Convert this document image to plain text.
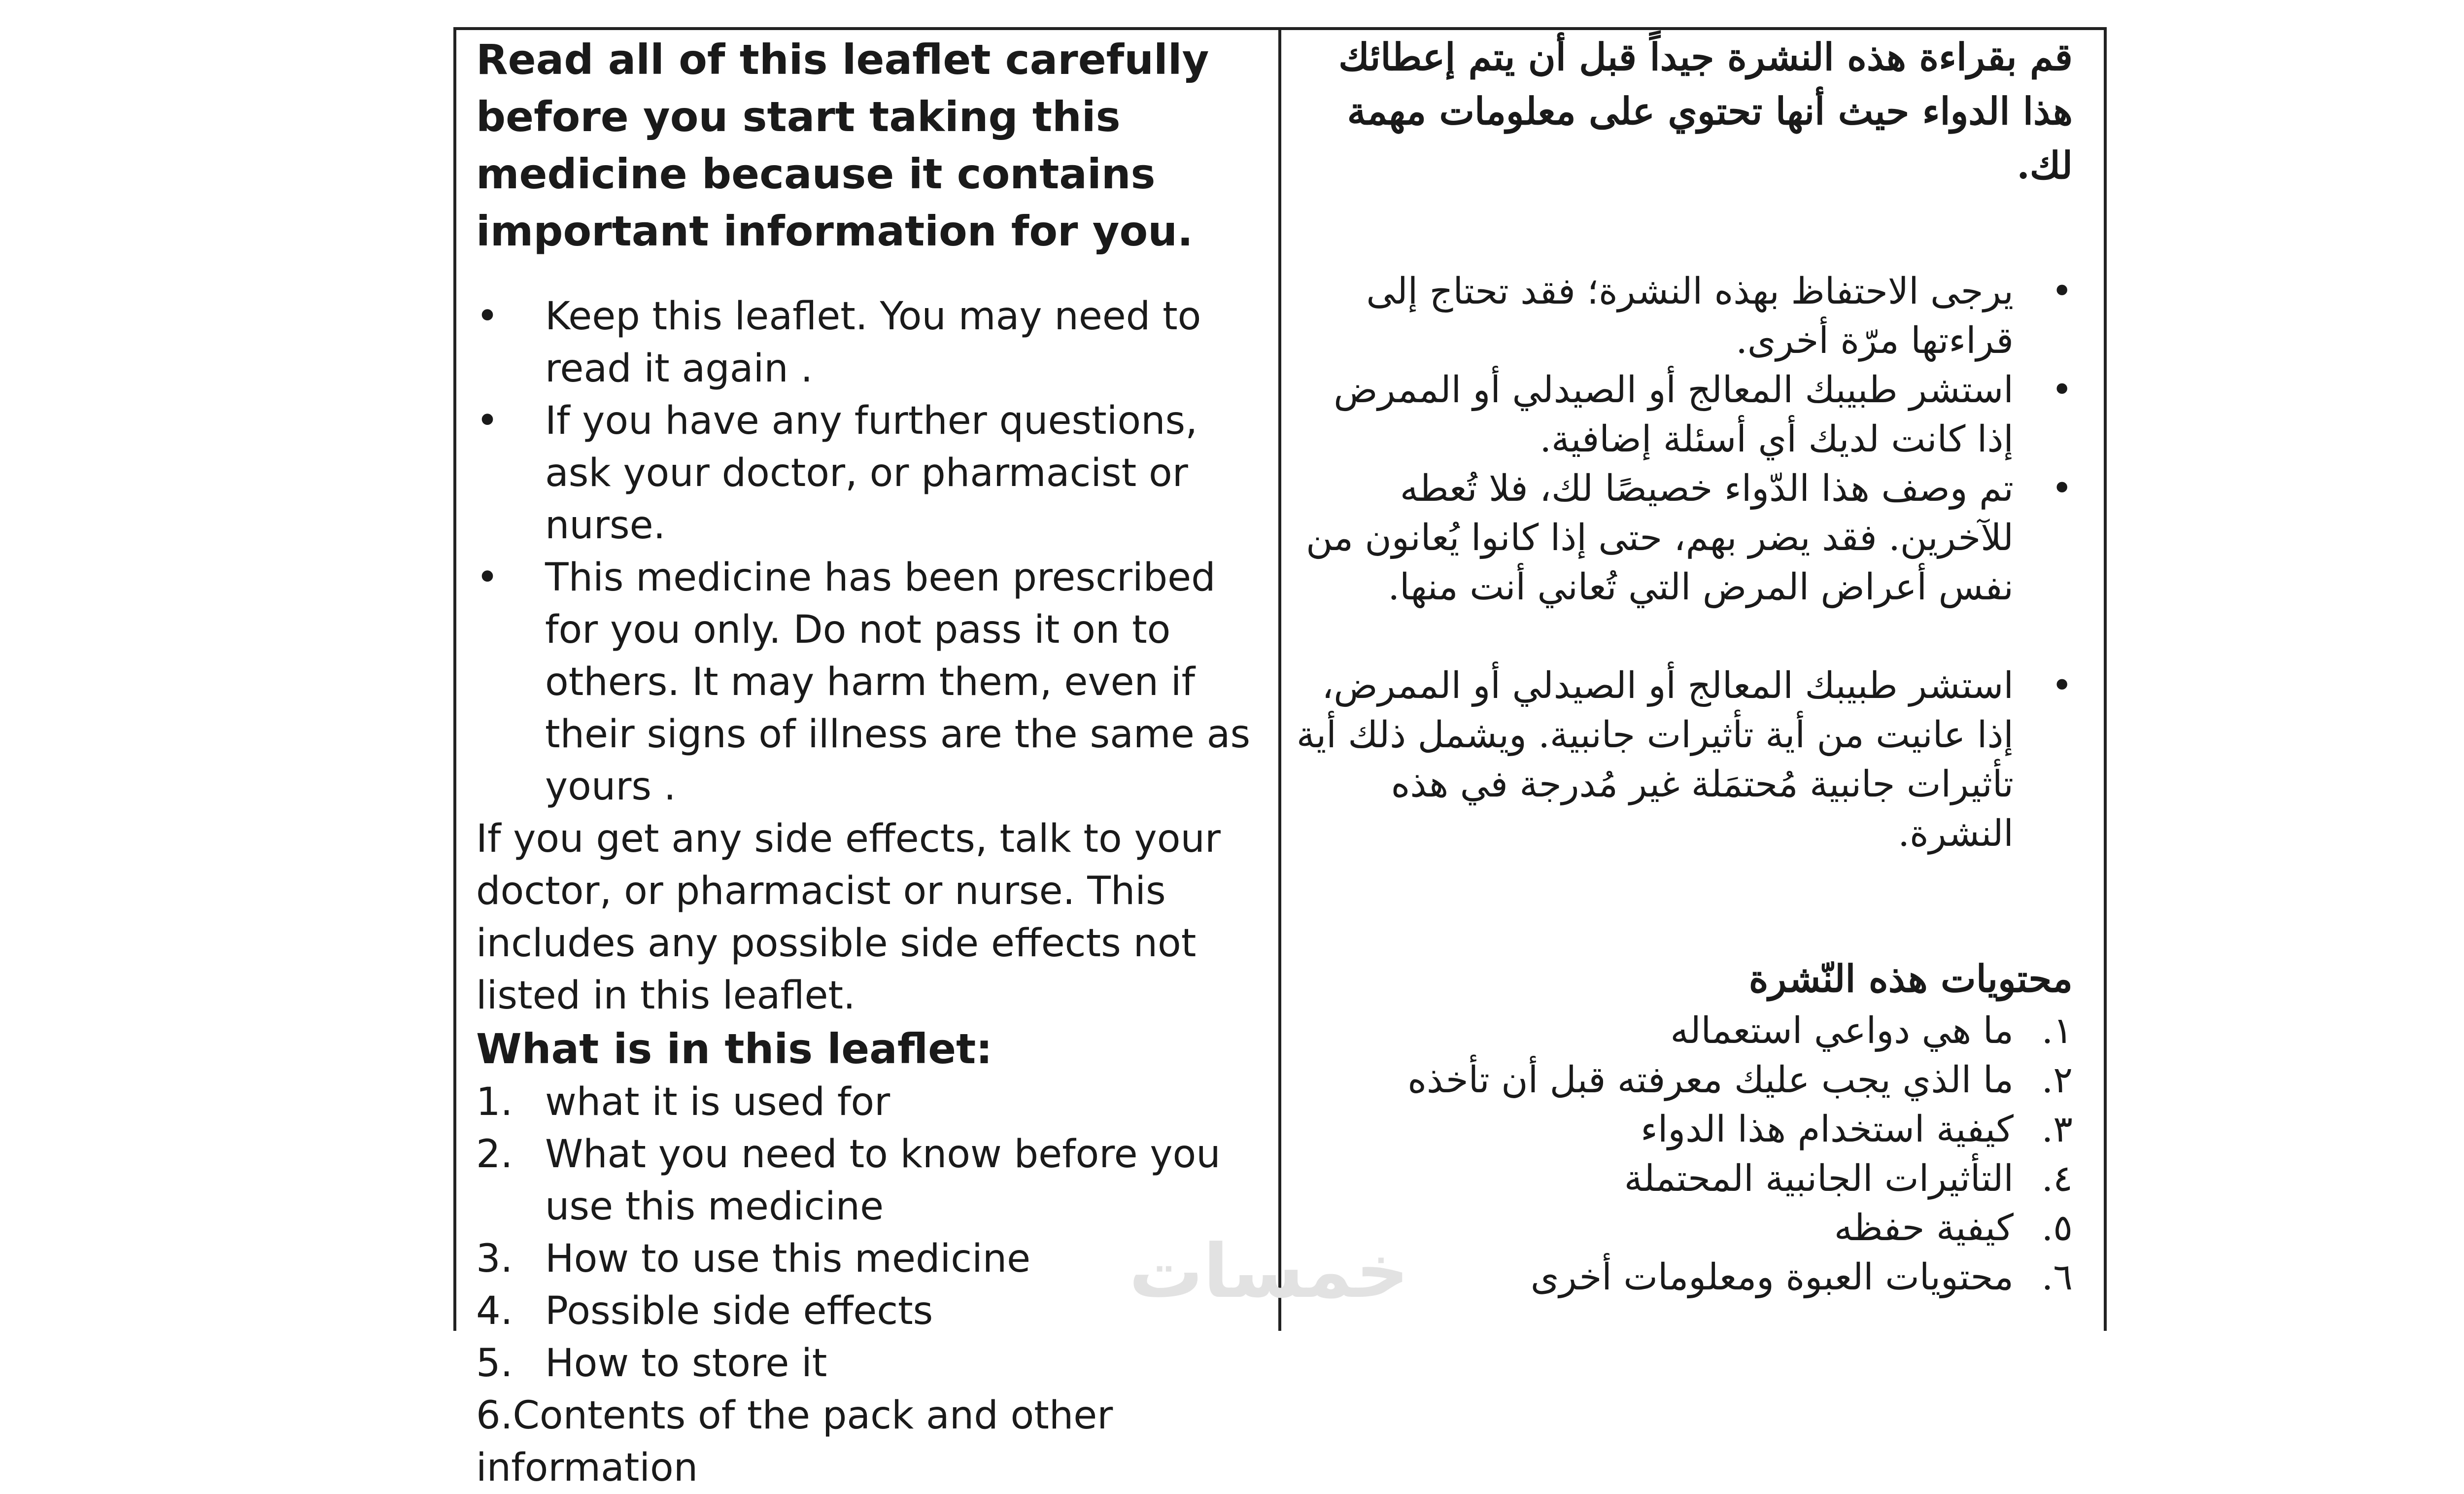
Read all of this leaflet carefully before you start taking this medicine because it contains important information for you.

• Keep this leaflet. You may need to read it again .
• If you have any further questions, ask your doctor, or pharmacist or nurse.
• This medicine has been prescribed for you only. Do not pass it on to others. It may harm them, even if their signs of illness are the same as yours .

If you get any side effects, talk to your doctor, or pharmacist or nurse. This includes any possible side effects not listed in this leaflet.

What is in this leaflet:

1. what it is used for
2. What you need to know before you use this medicine
3. How to use this medicine
4. Possible side effects
5. How to store it

6.Contents of the pack and other information

قم بقراءة هذه النشرة جيداً قبل أن يتم إعطائك هذا الدواء حيث أنها تحتوي على معلومات مهمة لك.

•
يرجى الاحتفاظ بهذه النشرة؛ فقد تحتاج إلى قراءتها مرّة أخرى.
•
استشر طبيبك المعالج أو الصيدلي أو الممرض إذا كانت لديك أي أسئلة إضافية.
•
تم وصف هذا الدّواء خصيصًا لك، فلا تُعطه للآخرين. فقد يضر بهم، حتى إذا كانوا يُعانون من نفس أعراض المرض التي تُعاني أنت منها.
•
استشر طبيبك المعالج أو الصيدلي أو الممرض، إذا عانيت من أية تأثيرات جانبية. ويشمل ذلك أية تأثيرات جانبية مُحتمَلة غير مُدرجة في هذه النشرة.

محتويات هذه النّشرة

١.
ما هي دواعي استعماله
٢.
ما الذي يجب عليك معرفته قبل أن تأخذه
٣.
كيفية استخدام هذا الدواء
٤.
التأثيرات الجانبية المحتملة
٥.
كيفية حفظه
٦.
محتويات العبوة ومعلومات أخرى
خمسات
